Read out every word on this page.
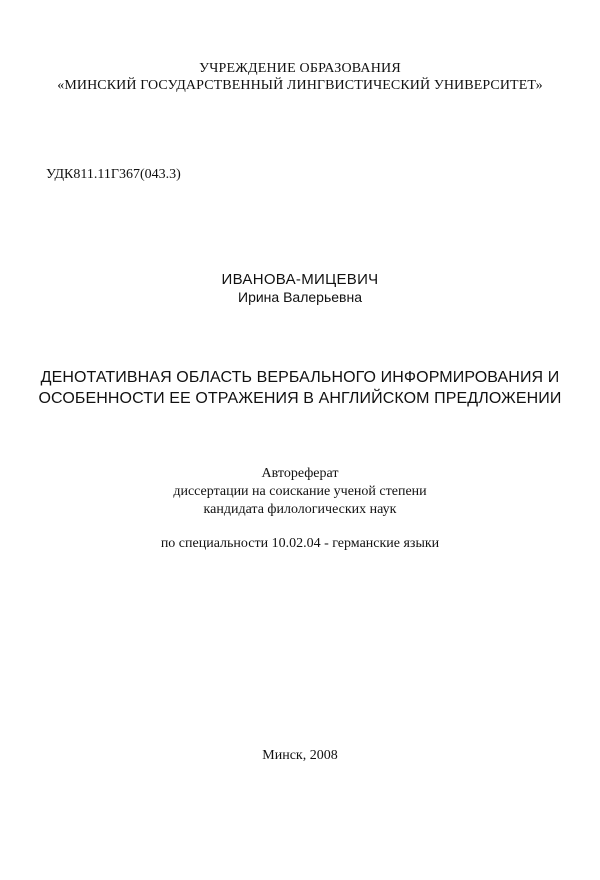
УЧРЕЖДЕНИЕ ОБРАЗОВАНИЯ
«МИНСКИЙ ГОСУДАРСТВЕННЫЙ ЛИНГВИСТИЧЕСКИЙ УНИВЕРСИТЕТ»
УДК811.11Г367(043.3)
ИВАНОВА-МИЦЕВИЧ
Ирина Валерьевна
ДЕНОТАТИВНАЯ ОБЛАСТЬ ВЕРБАЛЬНОГО ИНФОРМИРОВАНИЯ И
ОСОБЕННОСТИ ЕЕ ОТРАЖЕНИЯ В АНГЛИЙСКОМ ПРЕДЛОЖЕНИИ
Автореферат
диссертации на соискание ученой степени
кандидата филологических наук
по специальности 10.02.04 - германские языки
Минск, 2008
